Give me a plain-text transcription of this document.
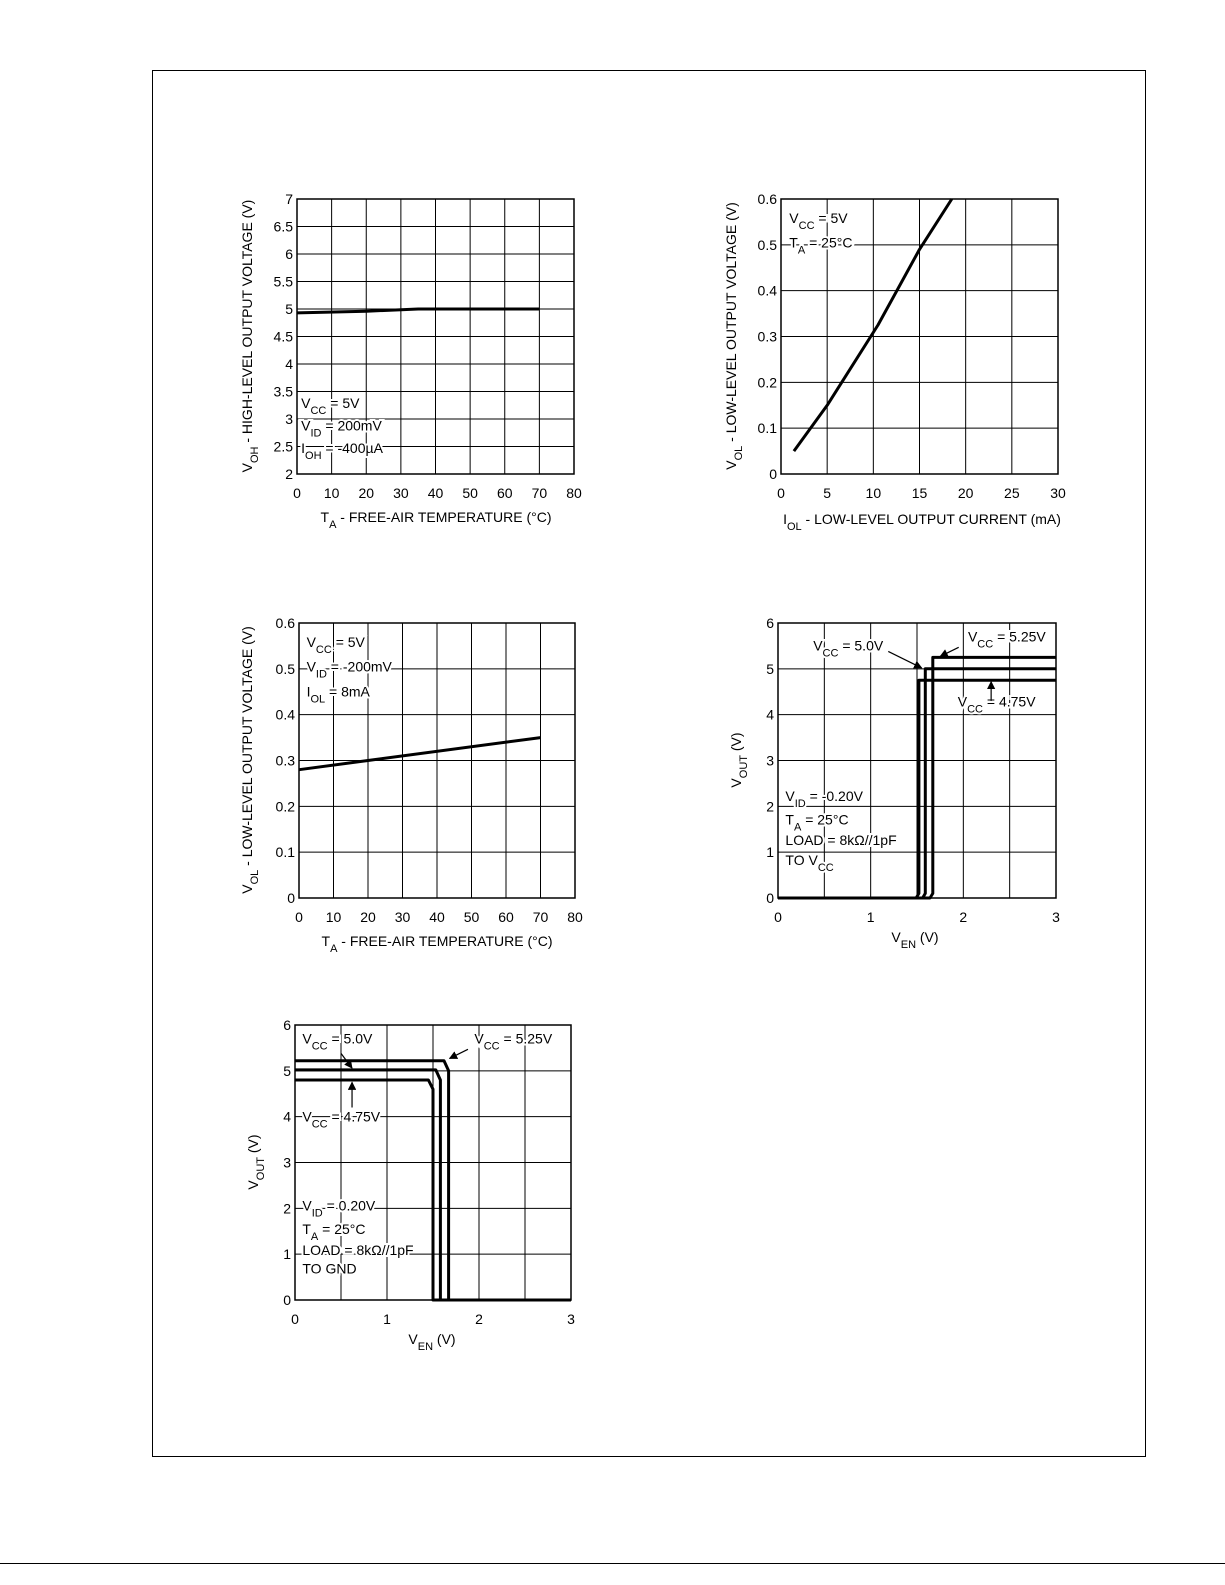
0 10 20 30 40 50 60 70 80
2
2.5
3
3.5
4
4.5
5
5.5
6
6.5
7
$V_{OH}$ - HIGH-LEVEL OUTPUT VOLTAGE (V)
$T_A$ - FREE-AIR TEMPERATURE (°C)
$V_{CC} = 5V$
$V_{ID} = 200mV$
$I_{OH} = -400\mu A$
0	5 10 15 20 25 30
0
0.1
0.2
0.3
0.4
0.5
0.6
$V_{OL}$ - LOW-LEVEL OUTPUT VOLTAGE (V)
$I_{OL}$ - LOW-LEVEL OUTPUT CURRENT (mA)
$V_{CC} = 5V$
$T_A = 25^\circ C$
0 10 20 30 40 50 60 70 80
0
0.1
0.2
0.3
0.4
0.5
0.6
$V_{OL}$ - LOW-LEVEL OUTPUT VOLTAGE (V)
$T_A$ - FREE-AIR TEMPERATURE (°C)
$V_{CC} = 5V$
$V_{ID} = -200mV$
$I_{OL} = 8mA$
0	1	2	3
0
1
2
3
4
5
6
$V_{OUT}$ (V)
$V_{EN}$ (V)
$V_{CC} = 5.0V$
$V_{CC} = 5.25V$
$V_{CC} = 4.75V$
$V_{ID} = -0.20V$
$T_A = 25^\circ C$
LOAD = 8kΩ//1pF
TO $V_{CC}$
0	1	2	3
0
1
2
3
4
5
6
$V_{OUT}$ (V)
$V_{EN}$ (V)
$V_{CC} = 5.0V$	$V_{CC} = 5.25V$
$V_{CC} = 4.75V$
$V_{ID} = 0.20V$
$T_A = 25^\circ C$
LOAD = 8kΩ//1pF
TO GND
